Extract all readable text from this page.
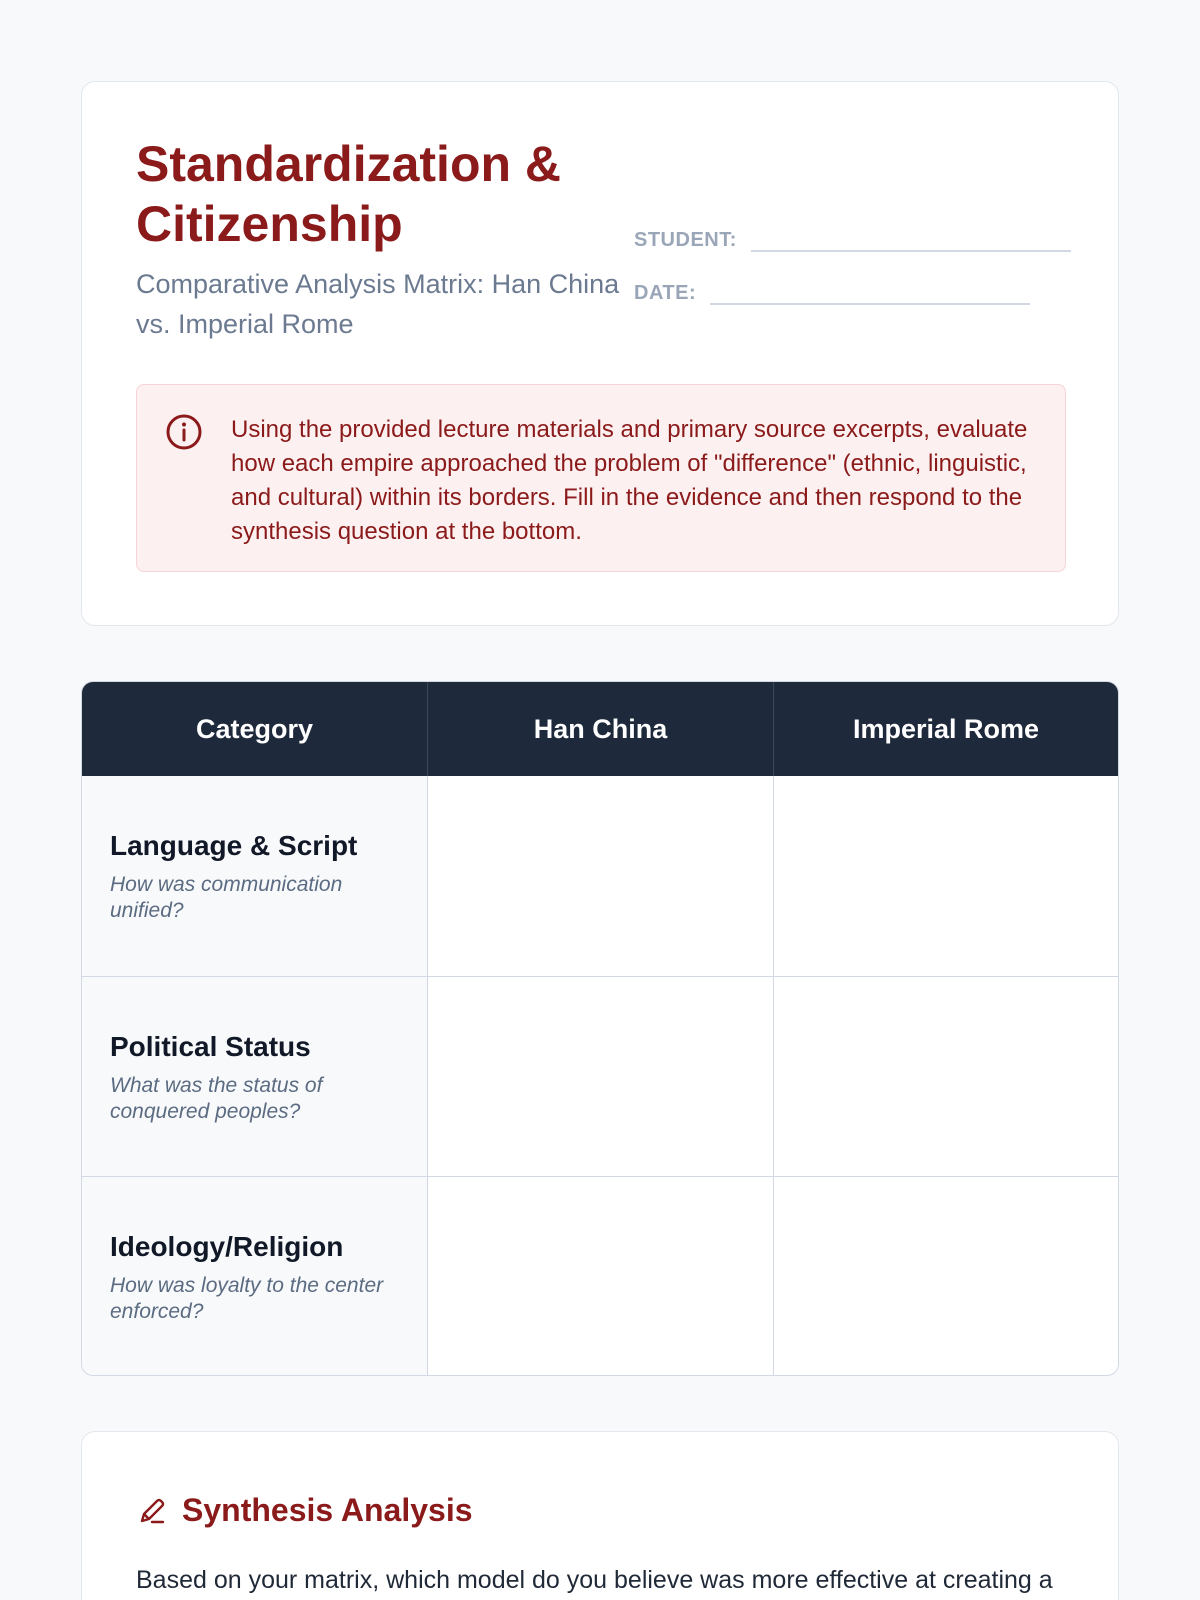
Standardization & Citizenship

Comparative Analysis Matrix: Han China vs. Imperial Rome

STUDENT:
DATE:

Using the provided lecture materials and primary source excerpts, evaluate how each empire approached the problem of "difference" (ethnic, linguistic, and cultural) within its borders. Fill in the evidence and then respond to the synthesis question at the bottom.

Category	Han China	Imperial Rome

Language & Script

How was communication unified?

Political Status

What was the status of conquered peoples?

Ideology/Religion

How was loyalty to the center enforced?

Synthesis Analysis

Based on your matrix, which model do you believe was more effective at creating a
